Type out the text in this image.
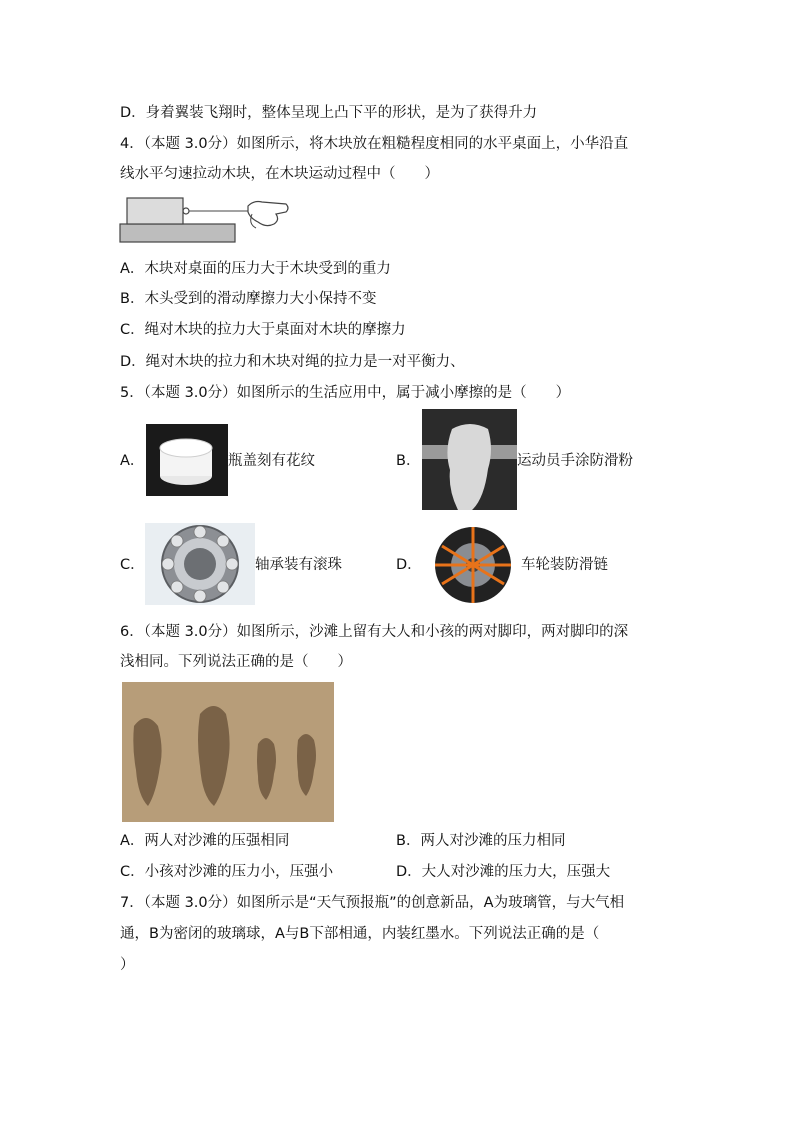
D．身着翼装飞翔时，整体呈现上凸下平的形状，是为了获得升力
4．（本题 3.0分）如图所示，将木块放在粗糙程度相同的水平桌面上，小华沿直
线水平匀速拉动木块，在木块运动过程中（　　）
A．木块对桌面的压力大于木块受到的重力
B．木头受到的滑动摩擦力大小保持不变
C．绳对木块的拉力大于桌面对木块的摩擦力
D．绳对木块的拉力和木块对绳的拉力是一对平衡力、
5．（本题 3.0分）如图所示的生活应用中，属于减小摩擦的是（　　）
A．	瓶盖刻有花纹	B．	运动员手涂防滑粉
C．	轴承装有滚珠	D．	车轮装防滑链
6．（本题 3.0分）如图所示，沙滩上留有大人和小孩的两对脚印，两对脚印的深
浅相同。下列说法正确的是（　　）
A．两人对沙滩的压强相同	B．两人对沙滩的压力相同
C．小孩对沙滩的压力小，压强小	D．大人对沙滩的压力大，压强大
7．（本题 3.0分）如图所示是“天气预报瓶”的创意新品，A为玻璃管，与大气相
通，B为密闭的玻璃球，A与B下部相通，内装红墨水。下列说法正确的是（
）
